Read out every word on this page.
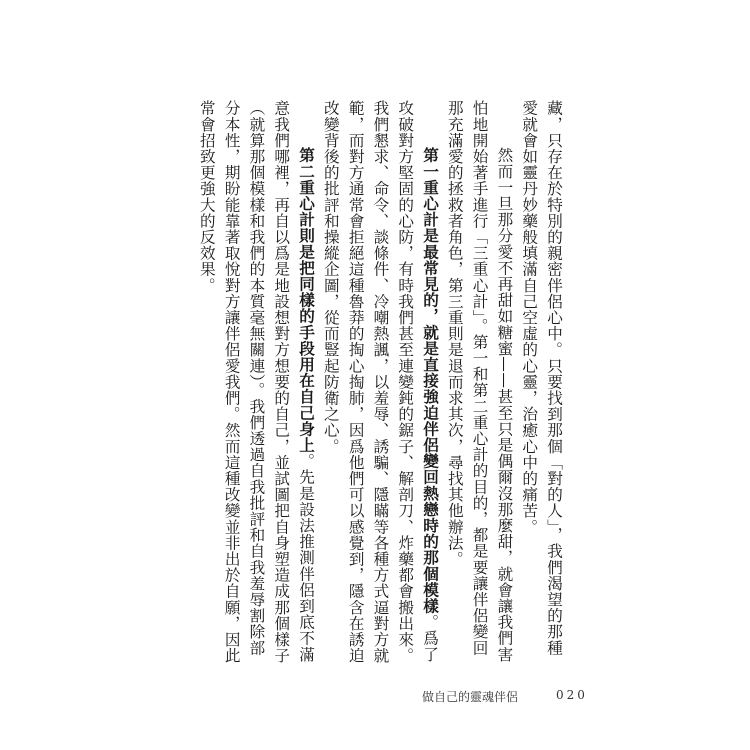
藏，只存在於特別的親密伴侶心中。只要找到那個「對的人」，我們渴望的那種愛就會如靈丹妙藥般填滿自己空虛的心靈，治癒心中的痛苦。

然而一旦那分愛不再甜如糖蜜——甚至只是偶爾沒那麼甜，就會讓我們害怕地開始著手進行「三重心計」。第一和第二重心計的目的，都是要讓伴侶變回那充滿愛的拯救者角色，第三重則是退而求其次，尋找其他辦法。

第一重心計是最常見的，就是直接強迫伴侶變回熱戀時的那個模樣。爲了攻破對方堅固的心防，有時我們甚至連變鈍的鋸子、解剖刀、炸藥都會搬出來。我們懇求、命令、談條件、冷嘲熱諷，以羞辱、誘騙、隱瞞等各種方式逼對方就範，而對方通常會拒絕這種魯莽的掏心掏肺，因爲他們可以感覺到，隱含在誘迫改變背後的批評和操縱企圖，從而豎起防衛之心。

第二重心計則是把同樣的手段用在自己身上。先是設法推測伴侶到底不滿意我們哪裡，再自以爲是地設想對方想要的自己，並試圖把自身塑造成那個樣子（就算那個模樣和我們的本質毫無關連）。我們透過自我批評和自我羞辱割除部分本性，期盼能靠著取悅對方讓伴侶愛我們。然而這種改變並非出於自願，因此常會招致更強大的反效果。

做自己的靈魂伴侶	020
